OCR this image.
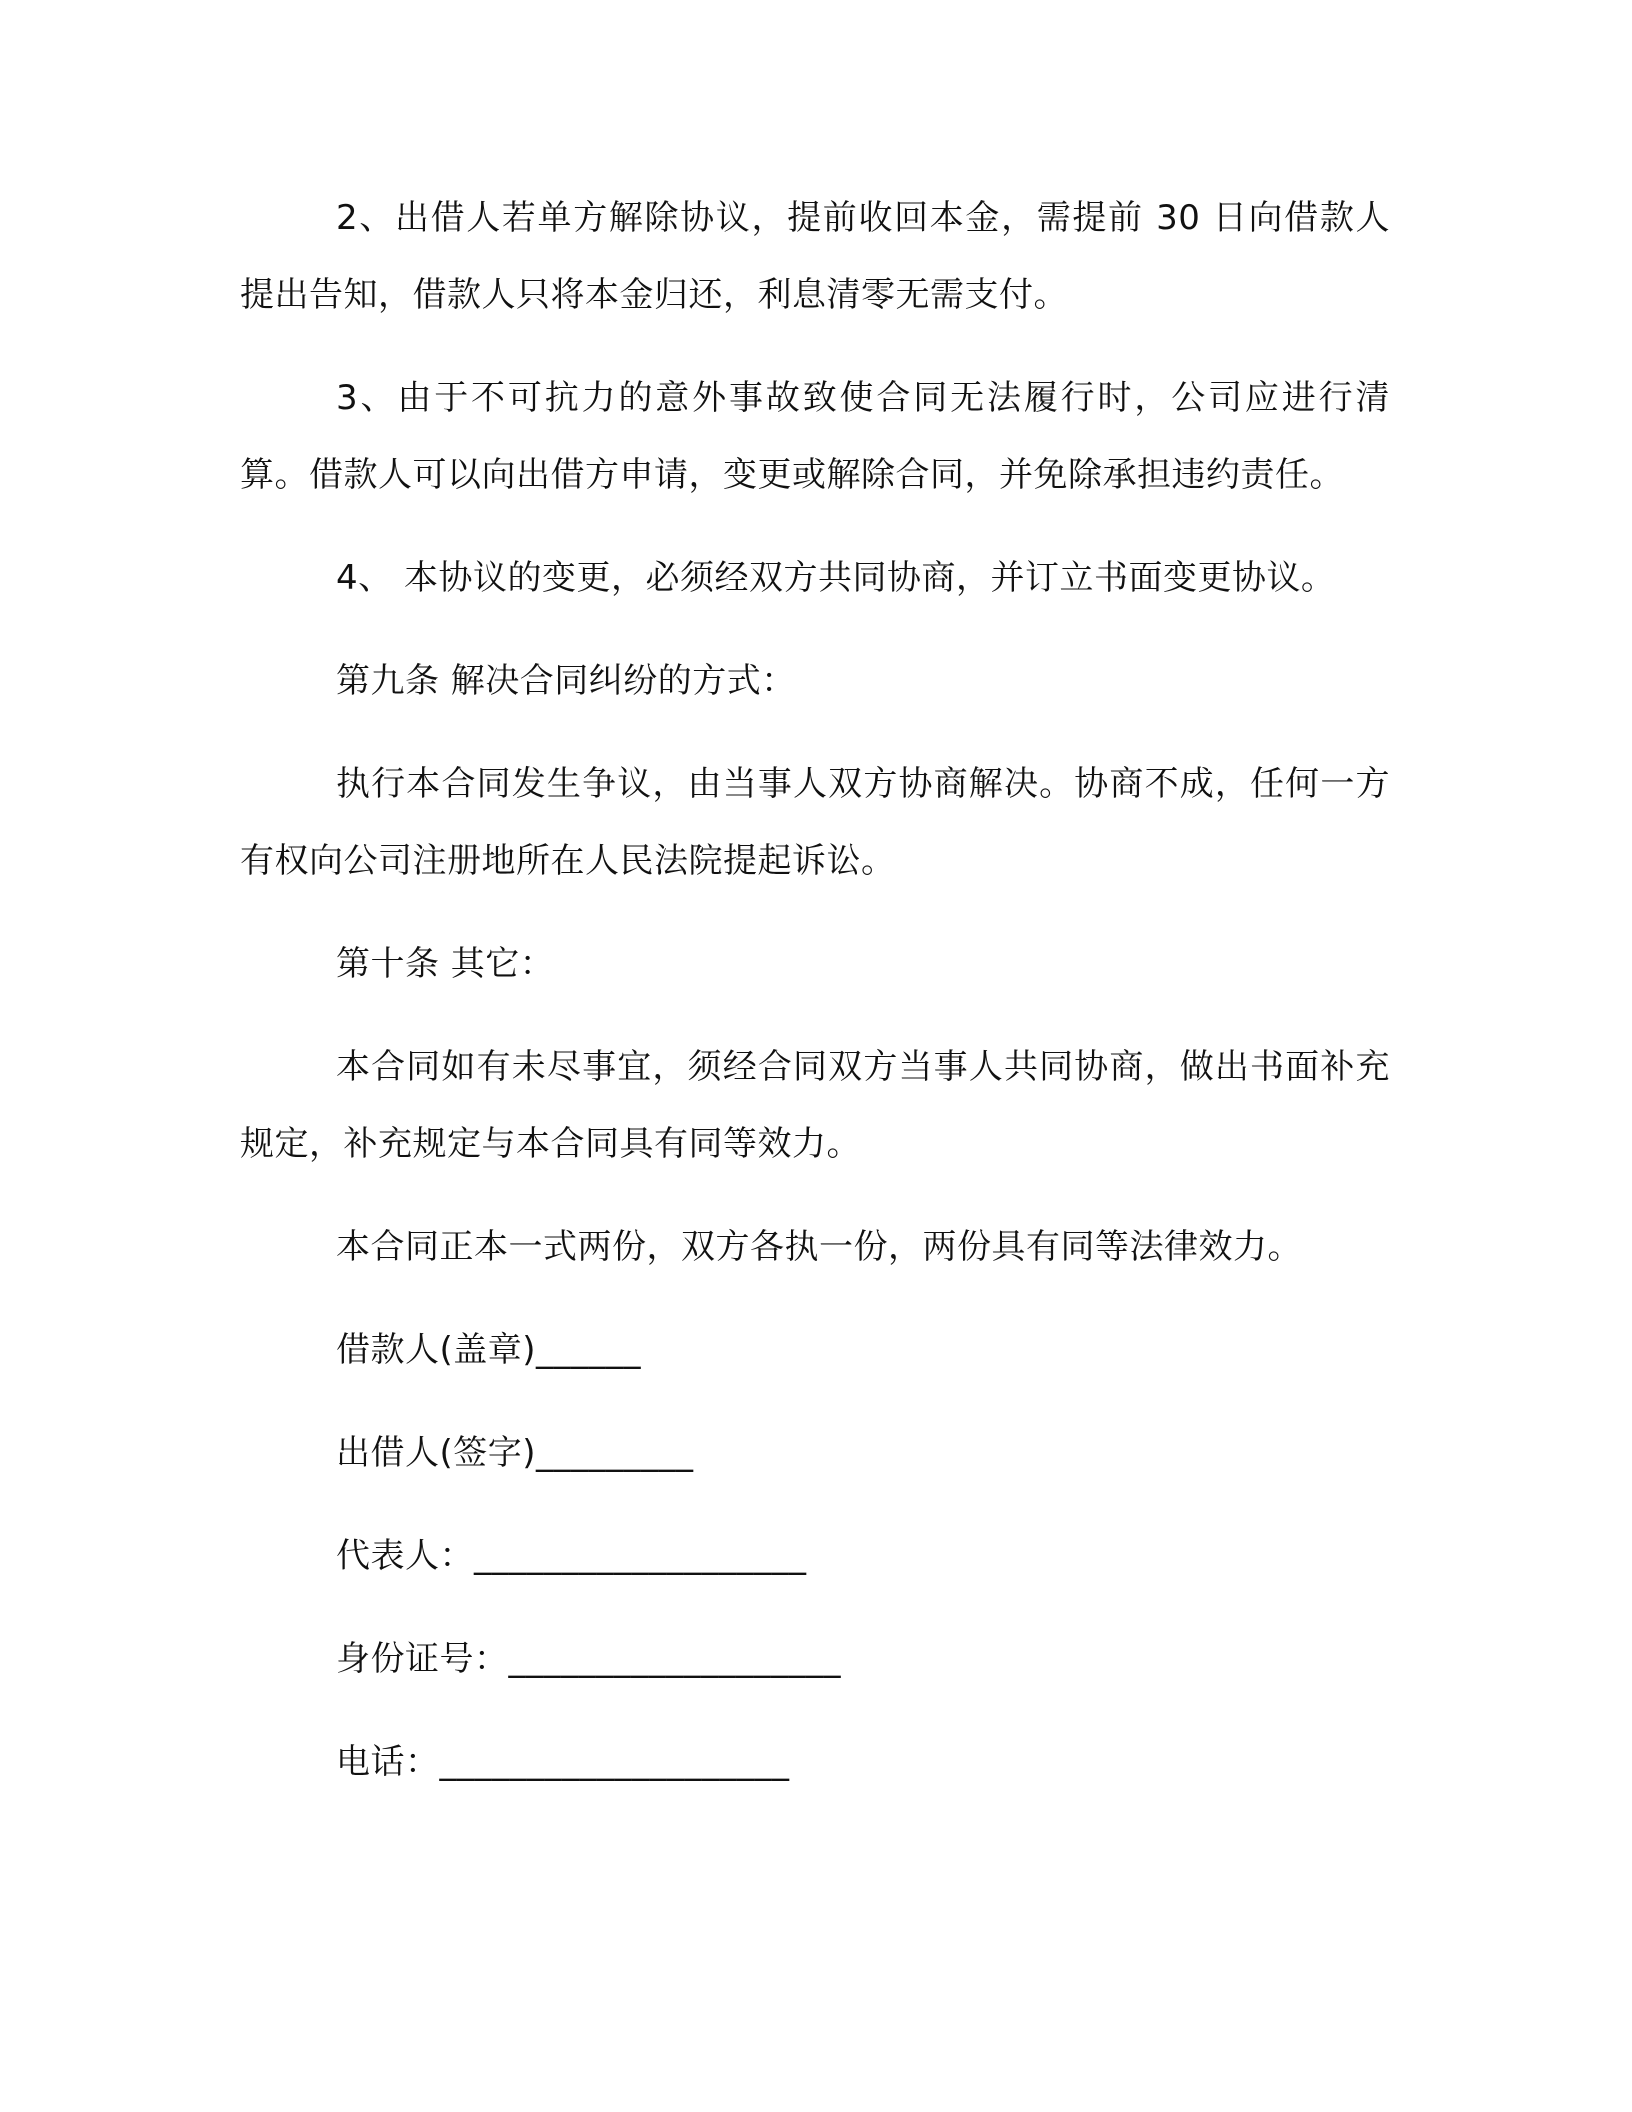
2、出借人若单方解除协议，提前收回本金，需提前 30 日向借款人提出告知，借款人只将本金归还，利息清零无需支付。

3、由于不可抗力的意外事故致使合同无法履行时，公司应进行清算。借款人可以向出借方申请，变更或解除合同，并免除承担违约责任。

4、 本协议的变更，必须经双方共同协商，并订立书面变更协议。

第九条 解决合同纠纷的方式：

执行本合同发生争议，由当事人双方协商解决。协商不成，任何一方有权向公司注册地所在人民法院提起诉讼。

第十条 其它：

本合同如有未尽事宜，须经合同双方当事人共同协商，做出书面补充规定，补充规定与本合同具有同等效力。

本合同正本一式两份，双方各执一份，两份具有同等法律效力。

借款人(盖章)______

出借人(签字)_________

代表人：___________________

身份证号：___________________

电话：____________________
